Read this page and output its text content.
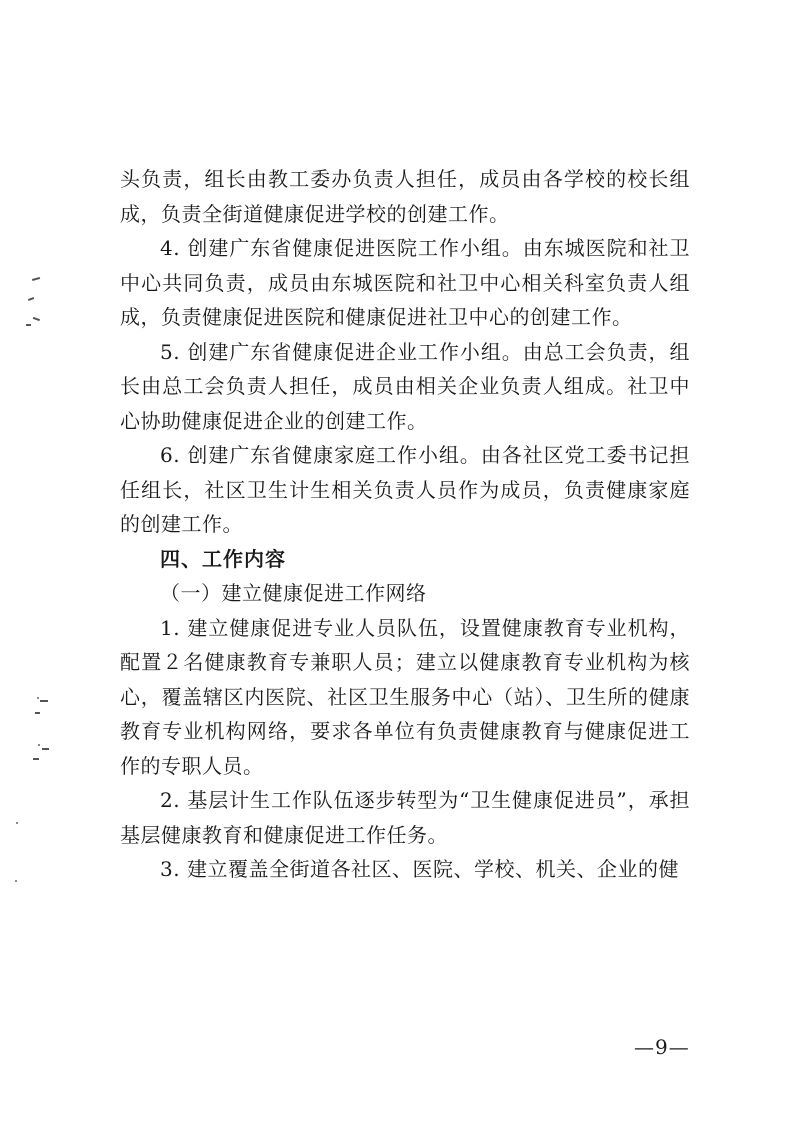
头负责，组长由教工委办负责人担任，成员由各学校的校长组成，负责全街道健康促进学校的创建工作。

4. 创建广东省健康促进医院工作小组。由东城医院和社卫中心共同负责，成员由东城医院和社卫中心相关科室负责人组成，负责健康促进医院和健康促进社卫中心的创建工作。

5. 创建广东省健康促进企业工作小组。由总工会负责，组长由总工会负责人担任，成员由相关企业负责人组成。社卫中心协助健康促进企业的创建工作。

6. 创建广东省健康家庭工作小组。由各社区党工委书记担任组长，社区卫生计生相关负责人员作为成员，负责健康家庭的创建工作。

四、工作内容

（一）建立健康促进工作网络

1. 建立健康促进专业人员队伍，设置健康教育专业机构，配置２名健康教育专兼职人员；建立以健康教育专业机构为核心，覆盖辖区内医院、社区卫生服务中心（站）、卫生所的健康教育专业机构网络，要求各单位有负责健康教育与健康促进工作的专职人员。

2. 基层计生工作队伍逐步转型为“卫生健康促进员”，承担基层健康教育和健康促进工作任务。

3. 建立覆盖全街道各社区、医院、学校、机关、企业的健

—9—
